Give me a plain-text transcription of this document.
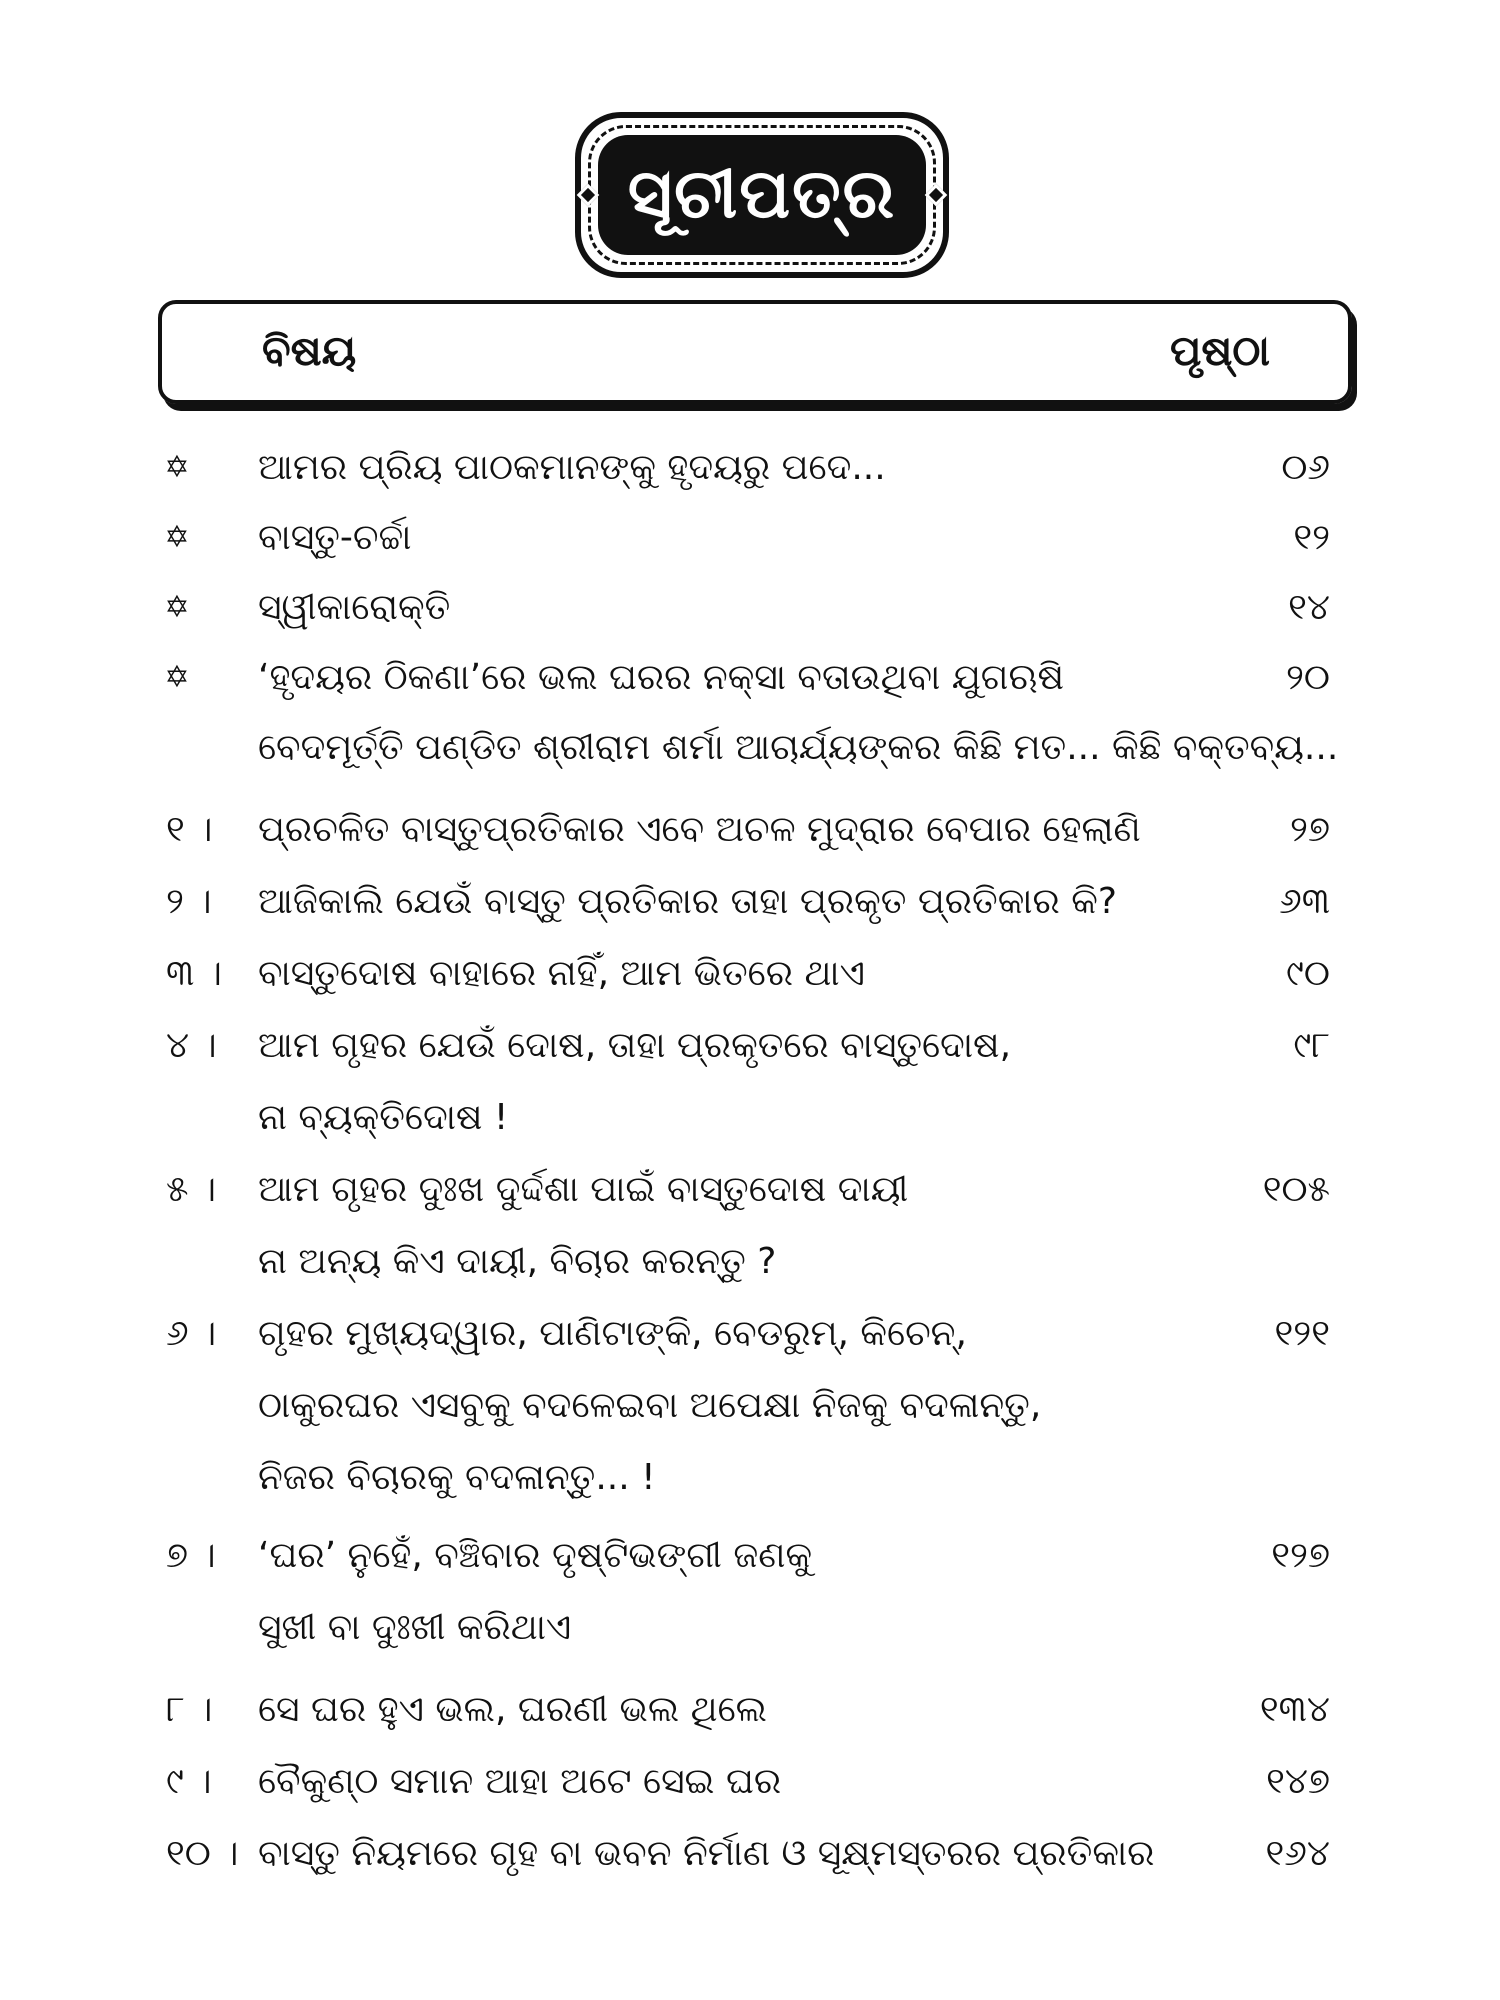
ସୂଚୀପତ୍ର
ବିଷୟ	ପୃଷ୍ଠା
✡ ଆମର ପ୍ରିୟ ପାଠକମାନଙ୍କୁ ହୃଦୟରୁ ପଦେ...	୦୬
✡ ବାସ୍ତୁ-ଚର୍ଚ୍ଚା	୧୨
✡ ସ୍ୱୀକାରୋକ୍ତି	୧୪
✡ ‘ହୃଦୟର ଠିକଣା’ରେ ଭଲ ଘରର ନକ୍ସା ବତାଉଥିବା ଯୁଗଋଷି	୨୦
ବେଦମୂର୍ତ୍ତି ପଣ୍ଡିତ ଶ୍ରୀରାମ ଶର୍ମା ଆଚାର୍ଯ୍ୟଙ୍କର କିଛି ମତ... କିଛି ବକ୍ତବ୍ୟ...
୧ ।	ପ୍ରଚଳିତ ବାସ୍ତୁପ୍ରତିକାର ଏବେ ଅଚଳ ମୁଦ୍ରାର ବେପାର ହେଲାଣି	୨୭
୨ ।	ଆଜିକାଲି ଯେଉଁ ବାସ୍ତୁ ପ୍ରତିକାର ତାହା ପ୍ରକୃତ ପ୍ରତିକାର କି?	୬୩
୩ ।	ବାସ୍ତୁଦୋଷ ବାହାରେ ନାହିଁ, ଆମ ଭିତରେ ଥାଏ	୯୦
୪ ।	ଆମ ଗୃହର ଯେଉଁ ଦୋଷ, ତାହା ପ୍ରକୃତରେ ବାସ୍ତୁଦୋଷ,	୯୮
ନା ବ୍ୟକ୍ତିଦୋଷ !
୫ ।	ଆମ ଗୃହର ଦୁଃଖ ଦୁର୍ଦ୍ଦଶା ପାଇଁ ବାସ୍ତୁଦୋଷ ଦାୟୀ	୧୦୫
ନା ଅନ୍ୟ କିଏ ଦାୟୀ, ବିଚାର କରନ୍ତୁ ?
୬ ।	ଗୃହର ମୁଖ୍ୟଦ୍ୱାର, ପାଣିଟାଙ୍କି, ବେଡରୁମ୍, କିଚେନ୍,	୧୨୧
ଠାକୁରଘର ଏସବୁକୁ ବଦଳେଇବା ଅପେକ୍ଷା ନିଜକୁ ବଦଳାନ୍ତୁ,
ନିଜର ବିଚାରକୁ ବଦଳାନ୍ତୁ... !
୭ ।	‘ଘର’ ନୁହେଁ, ବଞ୍ଚିବାର ଦୃଷ୍ଟିଭଙ୍ଗୀ ଜଣକୁ	୧୨୭
ସୁଖୀ ବା ଦୁଃଖୀ କରିଥାଏ
୮ ।	ସେ ଘର ହୁଏ ଭଲ, ଘରଣୀ ଭଲ ଥିଲେ	୧୩୪
୯ ।	ବୈକୁଣ୍ଠ ସମାନ ଆହା ଅଟେ ସେଇ ଘର	୧୪୭
୧୦ । ବାସ୍ତୁ ନିୟମରେ ଗୃହ ବା ଭବନ ନିର୍ମାଣ ଓ ସୂକ୍ଷ୍ମସ୍ତରର ପ୍ରତିକାର	୧୬୪
